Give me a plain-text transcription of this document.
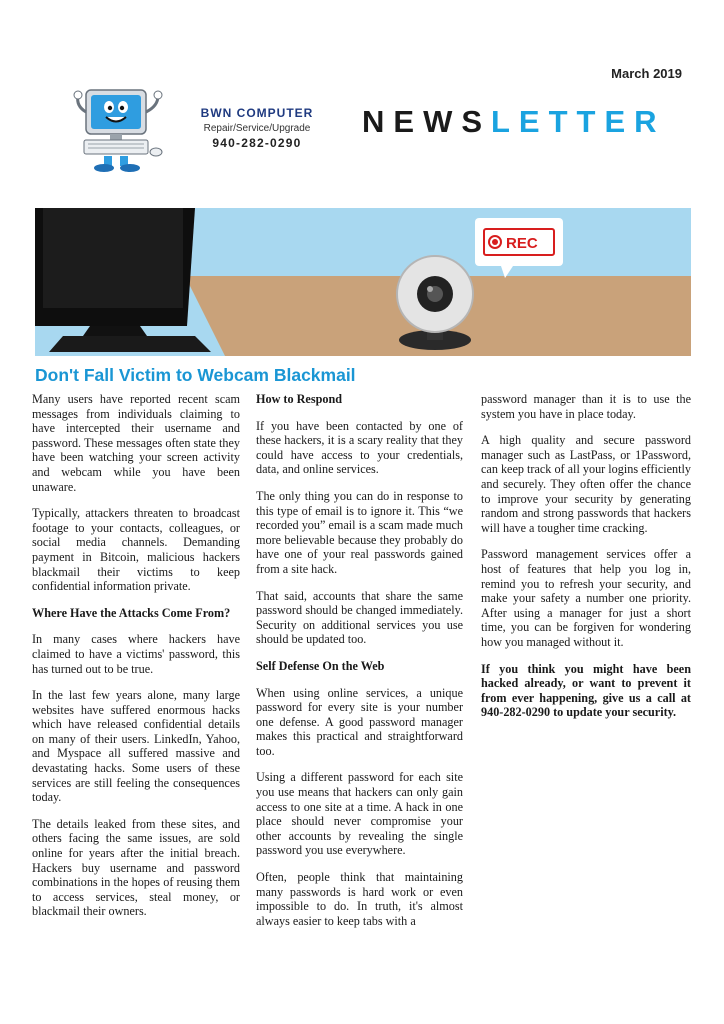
March 2019
BWN COMPUTER
Repair/Service/Upgrade
940-282-0290
NEWSLETTER
REC
Don't Fall Victim to Webcam Blackmail

Many users have reported recent scam messages from individuals claiming to have intercepted their username and password. These messages often state they have been watching your screen activity and webcam while you have been unaware.

Typically, attackers threaten to broadcast footage to your contacts, colleagues, or social media channels. Demanding payment in Bitcoin, malicious hackers blackmail their victims to keep confidential information private.

Where Have the Attacks Come From?

In many cases where hackers have claimed to have a victims' password, this has turned out to be true.

In the last few years alone, many large websites have suffered enormous hacks which have released confidential details on many of their users. LinkedIn, Yahoo, and Myspace all suffered massive and devastating hacks. Some users of these services are still feeling the consequences today.

The details leaked from these sites, and others facing the same issues, are sold online for years after the initial breach. Hackers buy username and password combinations in the hopes of reusing them to access services, steal money, or blackmail their owners.

How to Respond

If you have been contacted by one of these hackers, it is a scary reality that they could have access to your credentials, data, and online services.

The only thing you can do in response to this type of email is to ignore it. This “we recorded you” email is a scam made much more believable because they probably do have one of your real passwords gained from a site hack.

That said, accounts that share the same password should be changed immediately. Security on additional services you use should be updated too.

Self Defense On the Web

When using online services, a unique password for every site is your number one defense. A good password manager makes this practical and straightforward too.

Using a different password for each site you use means that hackers can only gain access to one site at a time. A hack in one place should never compromise your other accounts by revealing the single password you use everywhere.

Often, people think that maintaining many passwords is hard work or even impossible to do. In truth, it's almost always easier to keep tabs with a

password manager than it is to use the system you have in place today.

A high quality and secure password manager such as LastPass, or 1Password, can keep track of all your logins efficiently and securely. They often offer the chance to improve your security by generating random and strong passwords that hackers will have a tougher time cracking.

Password management services offer a host of features that help you log in, remind you to refresh your security, and make your safety a number one priority. After using a manager for just a short time, you can be forgiven for wondering how you managed without it.

If you think you might have been hacked already, or want to prevent it from ever happening, give us a call at 940-282-0290 to update your security.
